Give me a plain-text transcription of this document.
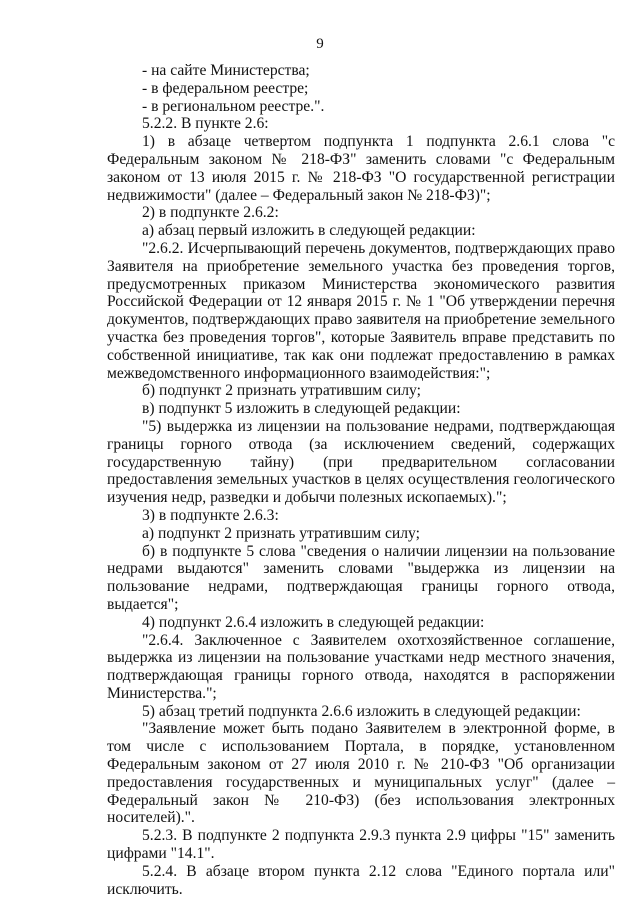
9

- на сайте Министерства;

- в федеральном реестре;

- в региональном реестре.".

5.2.2. В пункте 2.6:

1) в абзаце четвертом подпункта 1 подпункта 2.6.1 слова "с Федеральным законом № 218-ФЗ" заменить словами "с Федеральным законом от 13 июля 2015 г. № 218-ФЗ "О государственной регистрации недвижимости" (далее – Федеральный закон № 218-ФЗ)";

2) в подпункте 2.6.2:

а) абзац первый изложить в следующей редакции:

"2.6.2. Исчерпывающий перечень документов, подтверждающих право Заявителя на приобретение земельного участка без проведения торгов, предусмотренных приказом Министерства экономического развития Российской Федерации от 12 января 2015 г. № 1 "Об утверждении перечня документов, подтверждающих право заявителя на приобретение земельного участка без проведения торгов", которые Заявитель вправе представить по собственной инициативе, так как они подлежат предоставлению в рамках межведомственного информационного взаимодействия:";

б) подпункт 2 признать утратившим силу;

в) подпункт 5 изложить в следующей редакции:

"5) выдержка из лицензии на пользование недрами, подтверждающая границы горного отвода (за исключением сведений, содержащих государственную тайну) (при предварительном согласовании предоставления земельных участков в целях осуществления геологического изучения недр, разведки и добычи полезных ископаемых).";

3) в подпункте 2.6.3:

а) подпункт 2 признать утратившим силу;

б) в подпункте 5 слова "сведения о наличии лицензии на пользование недрами выдаются" заменить словами "выдержка из лицензии на пользование недрами, подтверждающая границы горного отвода, выдается";

4) подпункт 2.6.4 изложить в следующей редакции:

"2.6.4. Заключенное с Заявителем охотхозяйственное соглашение, выдержка из лицензии на пользование участками недр местного значения, подтверждающая границы горного отвода, находятся в распоряжении Министерства.";

5) абзац третий подпункта 2.6.6 изложить в следующей редакции:

"Заявление может быть подано Заявителем в электронной форме, в том числе с использованием Портала, в порядке, установленном Федеральным законом от 27 июля 2010 г. № 210-ФЗ "Об организации предоставления государственных и муниципальных услуг" (далее – Федеральный закон № 210-ФЗ) (без использования электронных носителей).".

5.2.3. В подпункте 2 подпункта 2.9.3 пункта 2.9 цифры "15" заменить цифрами "14.1".

5.2.4. В абзаце втором пункта 2.12 слова "Единого портала или" исключить.
